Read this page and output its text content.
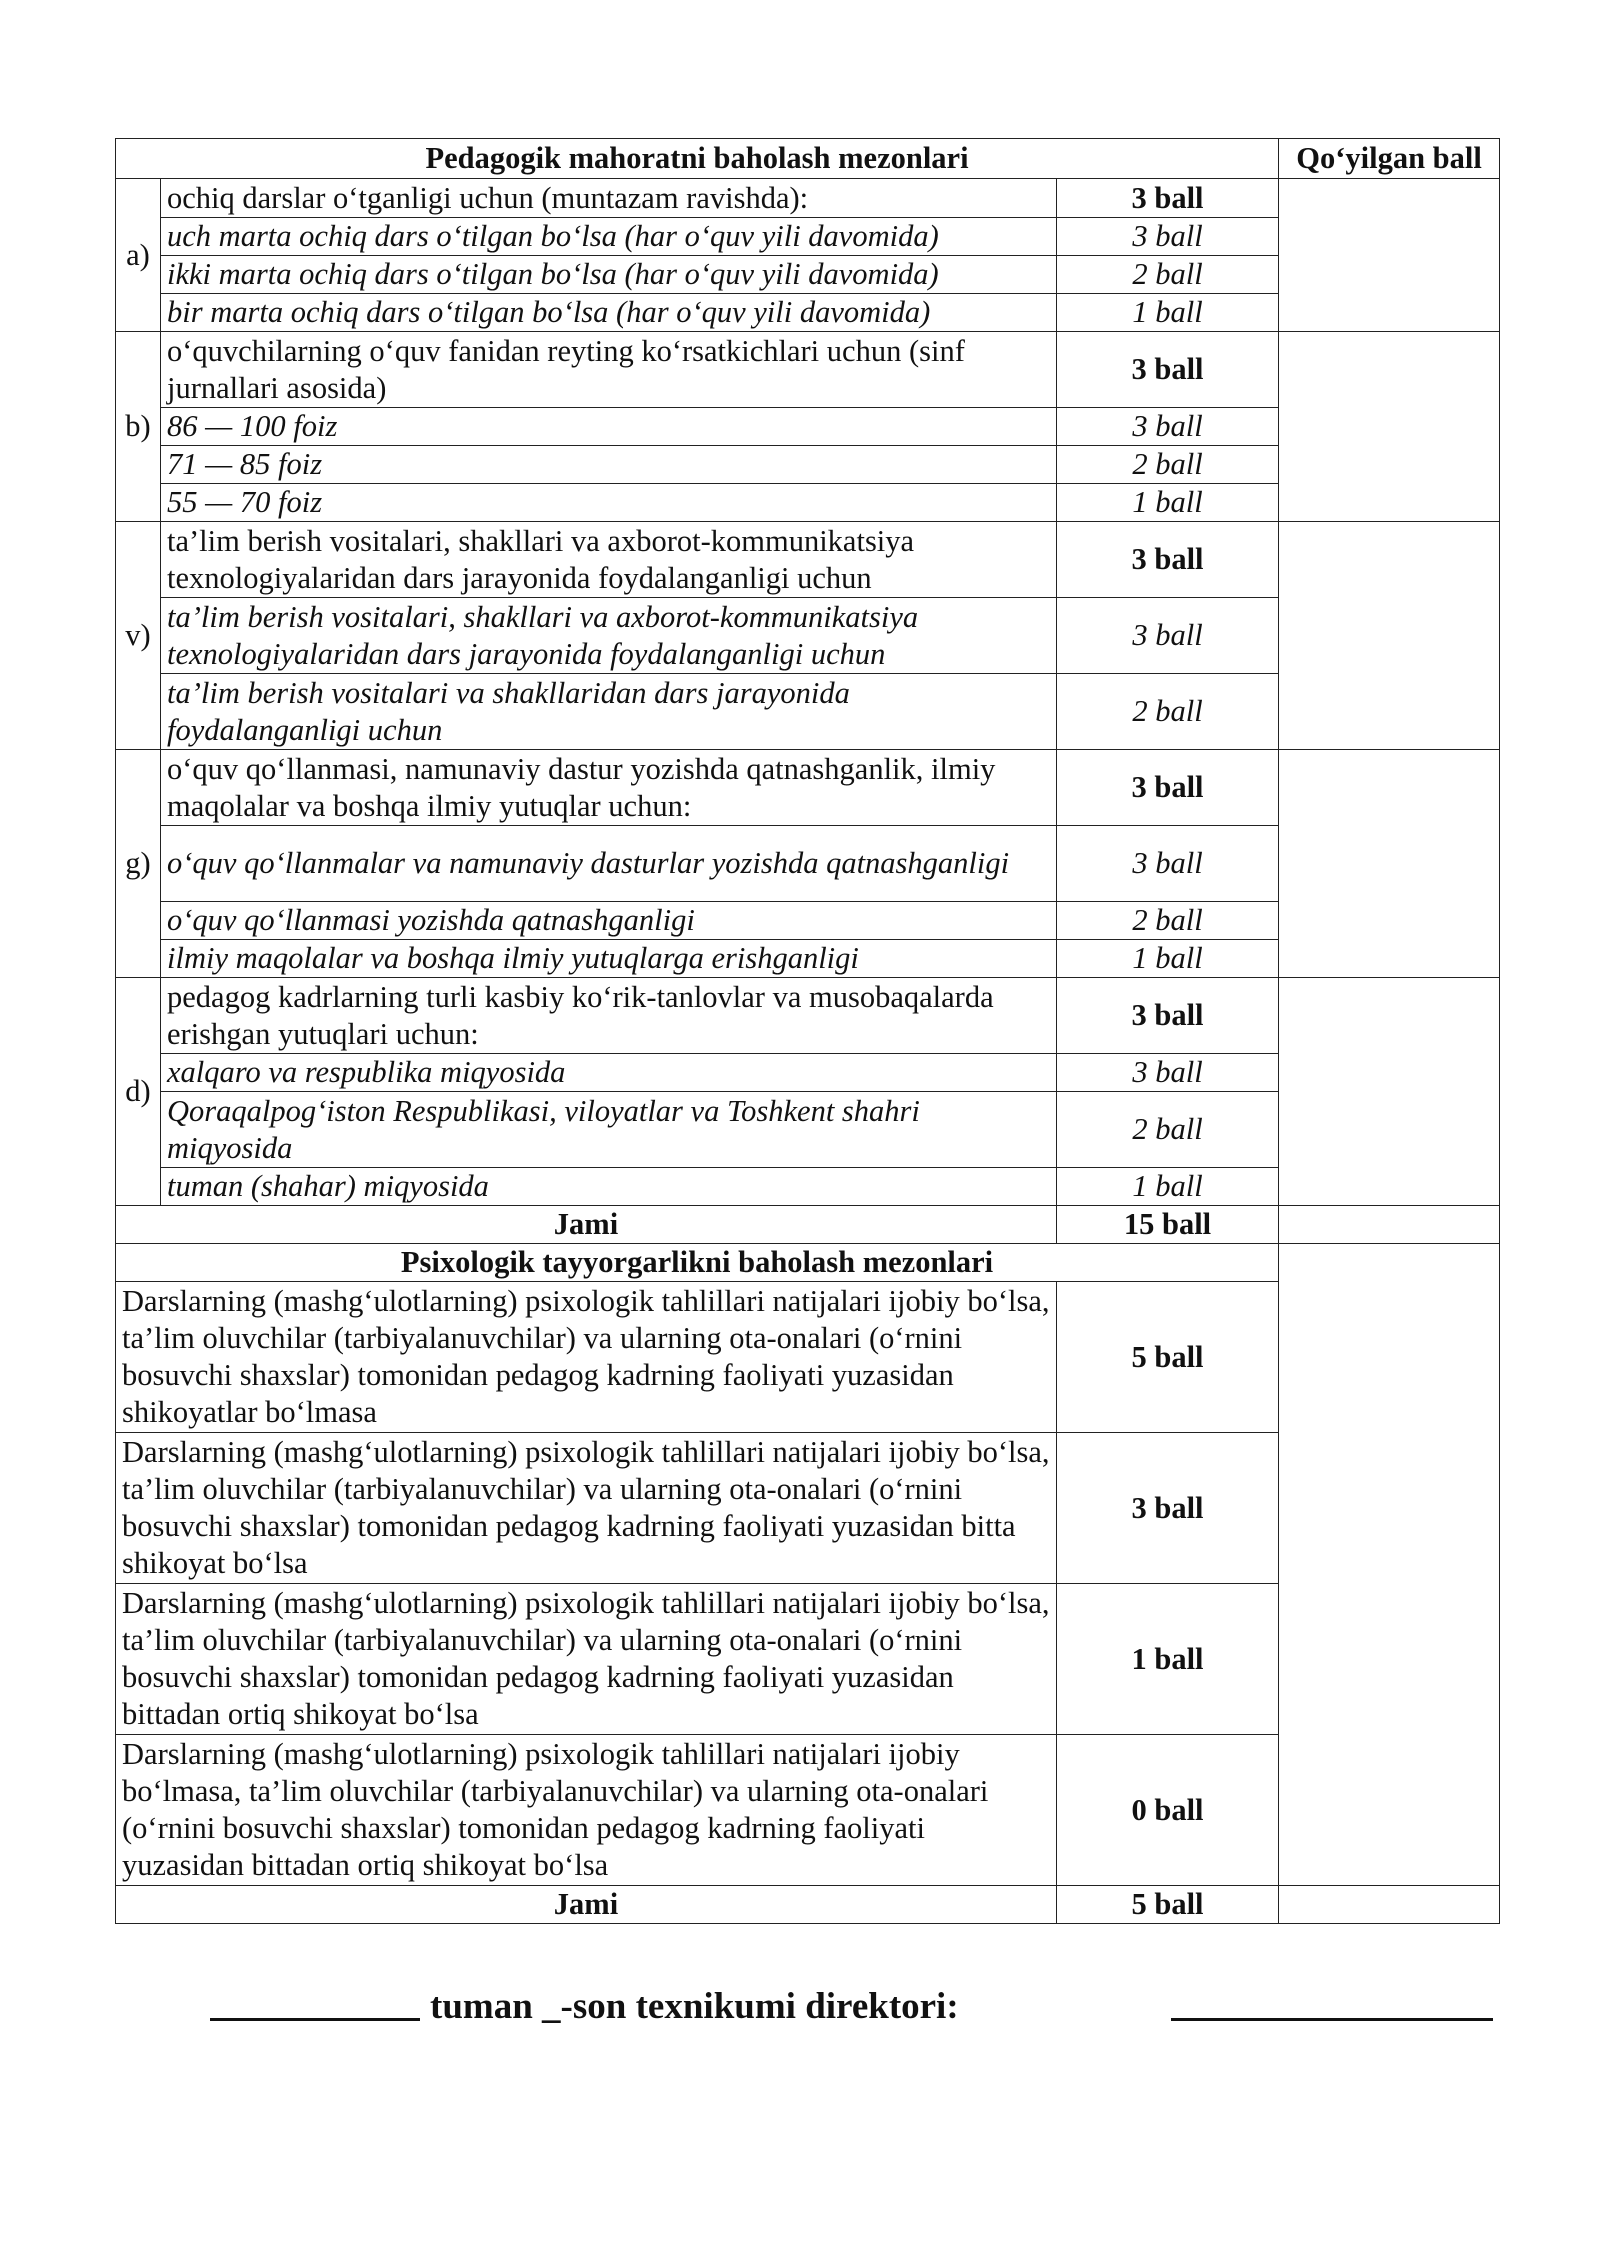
Pedagogik mahoratni baholash mezonlari			Qo‘yilgan ball
a)	ochiq darslar o‘tganligi uchun (muntazam ravishda):	3 ball	
	uch marta ochiq dars o‘tilgan bo‘lsa (har o‘quv yili davomida)	3 ball	
	ikki marta ochiq dars o‘tilgan bo‘lsa (har o‘quv yili davomida)	2 ball	
	bir marta ochiq dars o‘tilgan bo‘lsa (har o‘quv yili davomida)	1 ball	
b)	o‘quvchilarning o‘quv fanidan reyting ko‘rsatkichlari uchun (sinf jurnallari asosida)	3 ball	
	86 — 100 foiz	3 ball	
	71 — 85 foiz	2 ball	
	55 — 70 foiz	1 ball	
v)	ta’lim berish vositalari, shakllari va axborot-kommunikatsiya texnologiyalaridan dars jarayonida foydalanganligi uchun	3 ball	
	ta’lim berish vositalari, shakllari va axborot-kommunikatsiya texnologiyalaridan dars jarayonida foydalanganligi uchun	3 ball	
	ta’lim berish vositalari va shakllaridan dars jarayonida foydalanganligi uchun	2 ball	
g)	o‘quv qo‘llanmasi, namunaviy dastur yozishda qatnashganlik, ilmiy maqolalar va boshqa ilmiy yutuqlar uchun:	3 ball	
	o‘quv qo‘llanmalar va namunaviy dasturlar yozishda qatnashganligi	3 ball	
	o‘quv qo‘llanmasi yozishda qatnashganligi	2 ball	
	ilmiy maqolalar va boshqa ilmiy yutuqlarga erishganligi	1 ball	
d)	pedagog kadrlarning turli kasbiy ko‘rik-tanlovlar va musobaqalarda erishgan yutuqlari uchun:	3 ball	
	xalqaro va respublika miqyosida	3 ball	
	Qoraqalpog‘iston Respublikasi, viloyatlar va Toshkent shahri miqyosida	2 ball	
	tuman (shahar) miqyosida	1 ball	
Jami		15 ball	
Psixologik tayyorgarlikni baholash mezonlari			
Darslarning (mashg‘ulotlarning) psixologik tahlillari natijalari ijobiy bo‘lsa, ta’lim oluvchilar (tarbiyalanuvchilar) va ularning ota-onalari (o‘rnini bosuvchi shaxslar) tomonidan pedagog kadrning faoliyati yuzasidan shikoyatlar bo‘lmasa		5 ball	
Darslarning (mashg‘ulotlarning) psixologik tahlillari natijalari ijobiy bo‘lsa, ta’lim oluvchilar (tarbiyalanuvchilar) va ularning ota-onalari (o‘rnini bosuvchi shaxslar) tomonidan pedagog kadrning faoliyati yuzasidan bitta shikoyat bo‘lsa		3 ball	
Darslarning (mashg‘ulotlarning) psixologik tahlillari natijalari ijobiy bo‘lsa, ta’lim oluvchilar (tarbiyalanuvchilar) va ularning ota-onalari (o‘rnini bosuvchi shaxslar) tomonidan pedagog kadrning faoliyati yuzasidan bittadan ortiq shikoyat bo‘lsa		1 ball	
Darslarning (mashg‘ulotlarning) psixologik tahlillari natijalari ijobiy bo‘lmasa, ta’lim oluvchilar (tarbiyalanuvchilar) va ularning ota-onalari (o‘rnini bosuvchi shaxslar) tomonidan pedagog kadrning faoliyati yuzasidan bittadan ortiq shikoyat bo‘lsa		0 ball	
Jami		5 ball	
tuman _-son texnikumi direktori:
